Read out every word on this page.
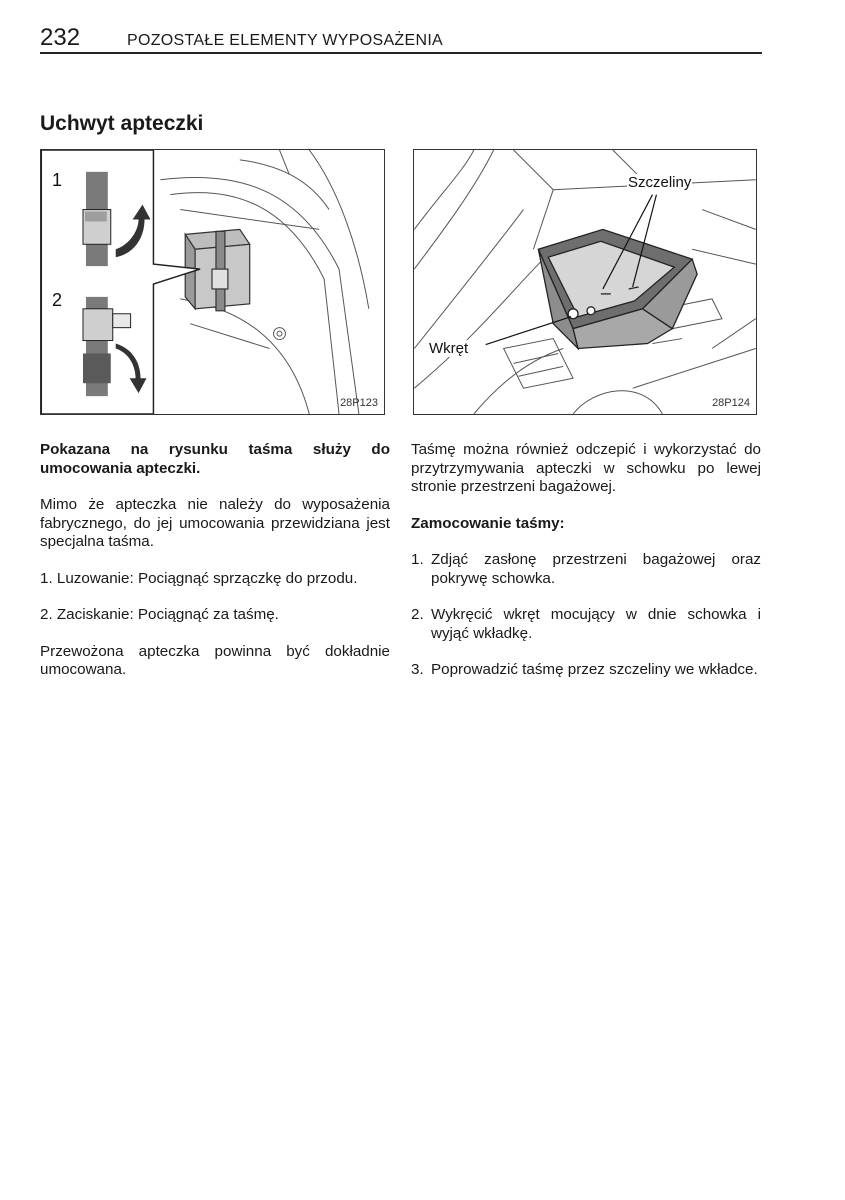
232	POZOSTAŁE ELEMENTY WYPOSAŻENIA
Uchwyt apteczki
1
2
28P123
Szczeliny
Wkręt
28P124

Pokazana na rysunku taśma służy do umocowania apteczki.

Mimo że apteczka nie należy do wyposażenia fabrycznego, do jej umocowania przewidziana jest specjalna taśma.

1. Luzowanie: Pociągnąć sprzączkę do przodu.

2. Zaciskanie: Pociągnąć za taśmę.

Przewożona apteczka powinna być dokładnie umocowana.

Taśmę można również odczepić i wykorzystać do przytrzymywania apteczki w schowku po lewej stronie przestrzeni bagażowej.

Zamocowanie taśmy:

1. Zdjąć zasłonę przestrzeni bagażowej oraz pokrywę schowka.
2. Wykręcić wkręt mocujący w dnie schowka i wyjąć wkładkę.
3. Poprowadzić taśmę przez szczeliny we wkładce.
